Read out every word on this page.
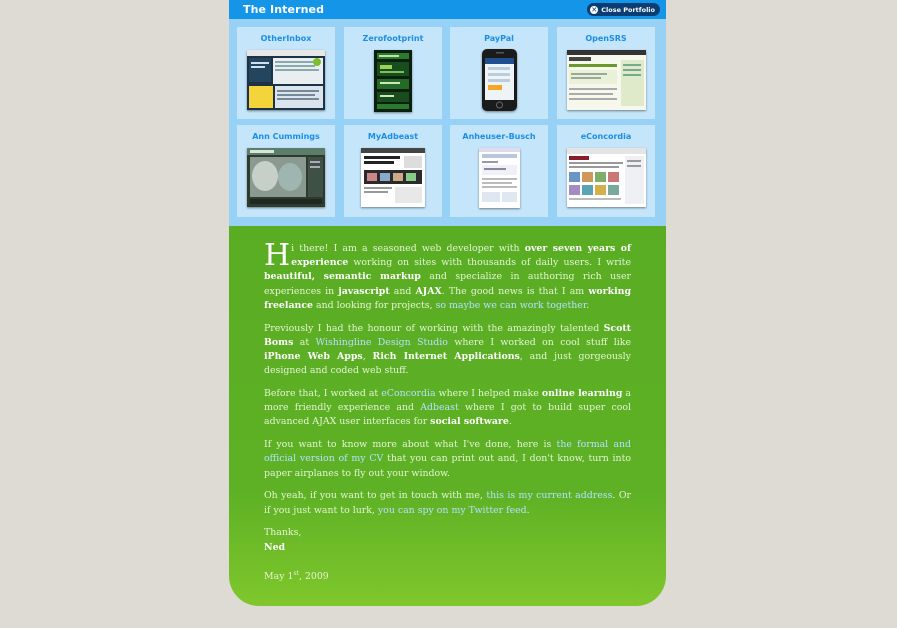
The Interned	✕ Close Portfolio
OtherInbox	Zerofootprint	PayPal	OpenSRS
Ann Cummings	MyAdbeast	Anheuser-Busch	eConcordia

Hi there! I am a seasoned web developer with over seven years of experience working on sites with thousands of daily users. I write beautiful, semantic markup and specialize in authoring rich user experiences in javascript and AJAX. The good news is that I am working freelance and looking for projects, so maybe we can work together.

Previously I had the honour of working with the amazingly talented Scott Boms at Wishingline Design Studio where I worked on cool stuff like iPhone Web Apps, Rich Internet Applications, and just gorgeously designed and coded web stuff.

Before that, I worked at eConcordia where I helped make online learning a more friendly experience and Adbeast where I got to build super cool advanced AJAX user interfaces for social software.

If you want to know more about what I've done, here is the formal and official version of my CV that you can print out and, I don't know, turn into paper airplanes to fly out your window.

Oh yeah, if you want to get in touch with me, this is my current address. Or if you just want to lurk, you can spy on my Twitter feed.

Thanks,
Ned

May 1st, 2009
